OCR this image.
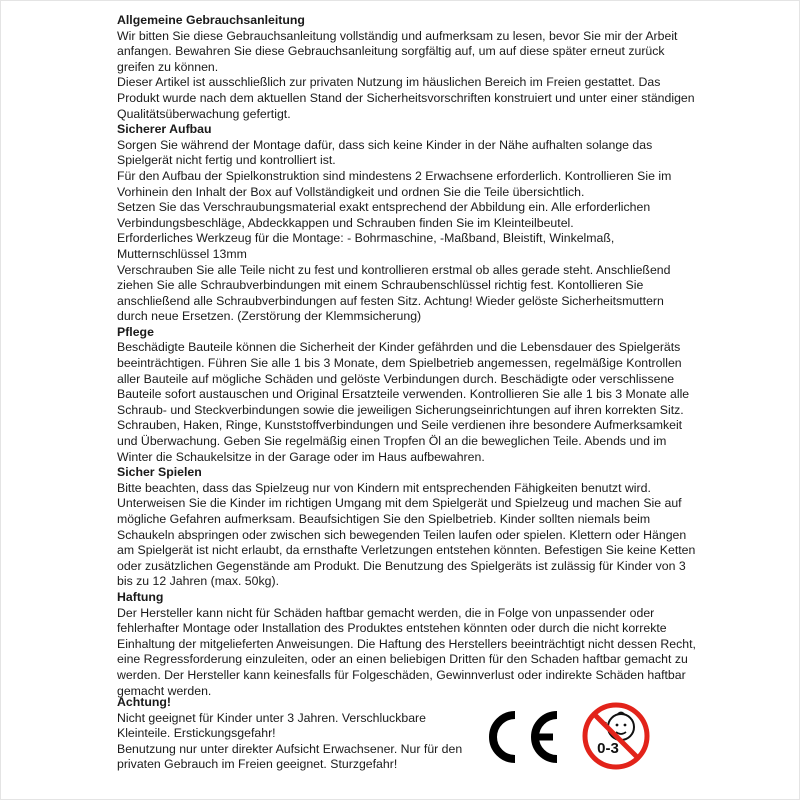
Allgemeine Gebrauchsanleitung

Wir bitten Sie diese Gebrauchsanleitung vollständig und aufmerksam zu lesen, bevor Sie mir der Arbeit anfangen. Bewahren Sie diese Gebrauchsanleitung sorgfältig auf, um auf diese später erneut zurück greifen zu können.

Dieser Artikel ist ausschließlich zur privaten Nutzung im häuslichen Bereich im Freien gestattet. Das Produkt wurde nach dem aktuellen Stand der Sicherheitsvorschriften konstruiert und unter einer ständigen Qualitätsüberwachung gefertigt.

Sicherer Aufbau

Sorgen Sie während der Montage dafür, dass sich keine Kinder in der Nähe aufhalten solange das Spielgerät nicht fertig und kontrolliert ist.

Für den Aufbau der Spielkonstruktion sind mindestens 2 Erwachsene erforderlich. Kontrollieren Sie im Vorhinein den Inhalt der Box auf Vollständigkeit und ordnen Sie die Teile übersichtlich.

Setzen Sie das Verschraubungsmaterial exakt entsprechend der Abbildung ein. Alle erforderlichen Verbindungsbeschläge, Abdeckkappen und Schrauben finden Sie im Kleinteilbeutel.

Erforderliches Werkzeug für die Montage: - Bohrmaschine, -Maßband, Bleistift, Winkelmaß, Mutternschlüssel 13mm

Verschrauben Sie alle Teile nicht zu fest und kontrollieren erstmal ob alles gerade steht. Anschließend ziehen Sie alle Schraubverbindungen mit einem Schraubenschlüssel richtig fest. Kontollieren Sie anschließend alle Schraubverbindungen auf festen Sitz. Achtung! Wieder gelöste Sicherheitsmuttern durch neue Ersetzen. (Zerstörung der Klemmsicherung)

Pflege

Beschädigte Bauteile können die Sicherheit der Kinder gefährden und die Lebensdauer des Spielgeräts beeinträchtigen. Führen Sie alle 1 bis 3 Monate, dem Spielbetrieb angemessen, regelmäßige Kontrollen aller Bauteile auf mögliche Schäden und gelöste Verbindungen durch. Beschädigte oder verschlissene Bauteile sofort austauschen und Original Ersatzteile verwenden. Kontrollieren Sie alle 1 bis 3 Monate alle Schraub- und Steckverbindungen sowie die jeweiligen Sicherungseinrichtungen auf ihren korrekten Sitz. Schrauben, Haken, Ringe, Kunststoffverbindungen und Seile verdienen ihre besondere Aufmerksamkeit und Überwachung. Geben Sie regelmäßig einen Tropfen Öl an die beweglichen Teile. Abends und im Winter die Schaukelsitze in der Garage oder im Haus aufbewahren.

Sicher Spielen

Bitte beachten, dass das Spielzeug nur von Kindern mit entsprechenden Fähigkeiten benutzt wird. Unterweisen Sie die Kinder im richtigen Umgang mit dem Spielgerät und Spielzeug und machen Sie auf mögliche Gefahren aufmerksam. Beaufsichtigen Sie den Spielbetrieb. Kinder sollten niemals beim Schaukeln abspringen oder zwischen sich bewegenden Teilen laufen oder spielen. Klettern oder Hängen am Spielgerät ist nicht erlaubt, da ernsthafte Verletzungen entstehen könnten. Befestigen Sie keine Ketten oder zusätzlichen Gegenstände am Produkt. Die Benutzung des Spielgeräts ist zulässig für Kinder von 3 bis zu 12 Jahren (max. 50kg).

Haftung

Der Hersteller kann nicht für Schäden haftbar gemacht werden, die in Folge von unpassender oder fehlerhafter Montage oder Installation des Produktes entstehen könnten oder durch die nicht korrekte Einhaltung der mitgelieferten Anweisungen. Die Haftung des Herstellers beeinträchtigt nicht dessen Recht, eine Regressforderung einzuleiten, oder an einen beliebigen Dritten für den Schaden haftbar gemacht zu werden. Der Hersteller kann keinesfalls für Folgeschäden, Gewinnverlust oder indirekte Schäden haftbar gemacht werden.

Achtung!
Nicht geeignet für Kinder unter 3 Jahren. Verschluckbare
Kleinteile. Erstickungsgefahr!
Benutzung nur unter direkter Aufsicht Erwachsener. Nur für den
privaten Gebrauch im Freien geeignet. Sturzgefahr!
0-3
